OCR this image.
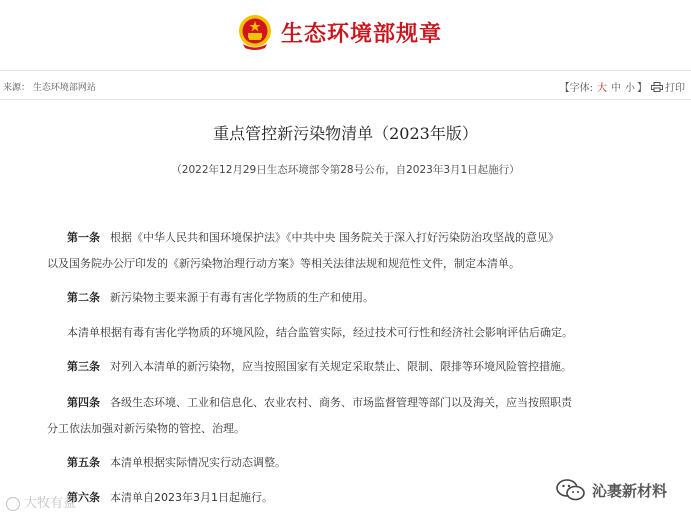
生态环境部规章
来源： 生态环境部网站	【字体: 大 中 小 】 打印
重点管控新污染物清单（2023年版）
（2022年12月29日生态环境部令第28号公布，自2023年3月1日起施行）
第一条 根据《中华人民共和国环境保护法》《中共中央 国务院关于深入打好污染防治攻坚战的意见》
以及国务院办公厅印发的《新污染物治理行动方案》等相关法律法规和规范性文件，制定本清单。
第二条 新污染物主要来源于有毒有害化学物质的生产和使用。
本清单根据有毒有害化学物质的环境风险，结合监管实际，经过技术可行性和经济社会影响评估后确定。
第三条 对列入本清单的新污染物，应当按照国家有关规定采取禁止、限制、限排等环境风险管控措施。
第四条 各级生态环境、工业和信息化、农业农村、商务、市场监督管理等部门以及海关，应当按照职责
分工依法加强对新污染物的管控、治理。
第五条 本清单根据实际情况实行动态调整。
第六条 本清单自2023年3月1日起施行。
大牧有益
沁裹新材料
